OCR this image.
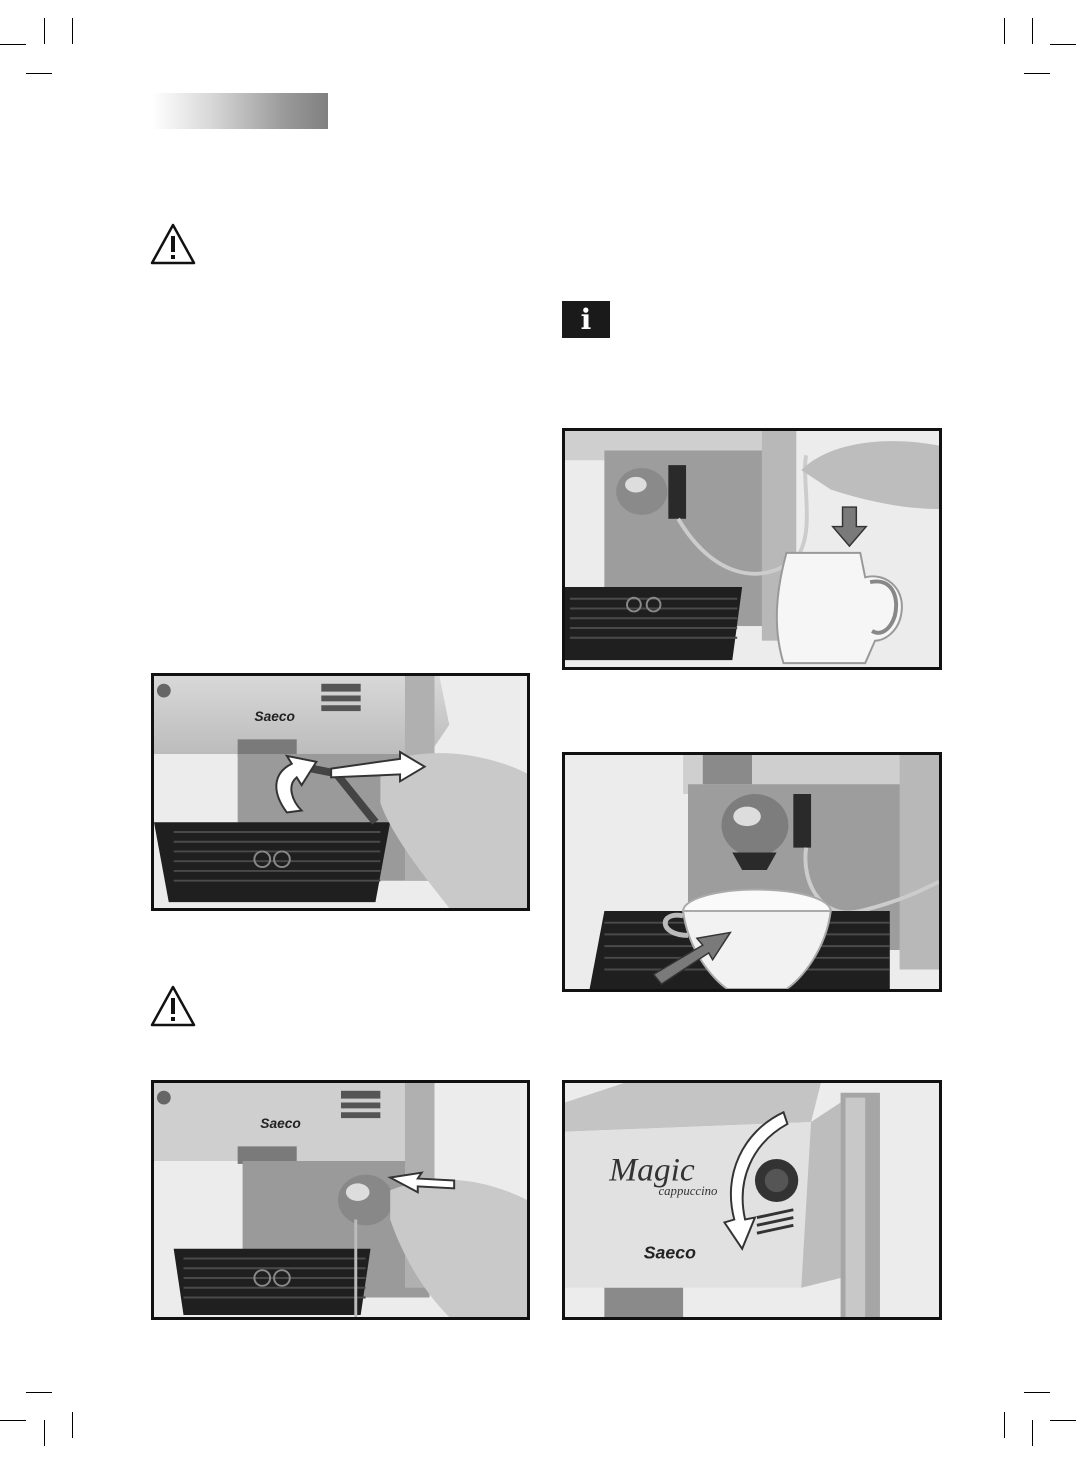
i
Saeco
Saeco
Magic
cappuccino
Saeco
